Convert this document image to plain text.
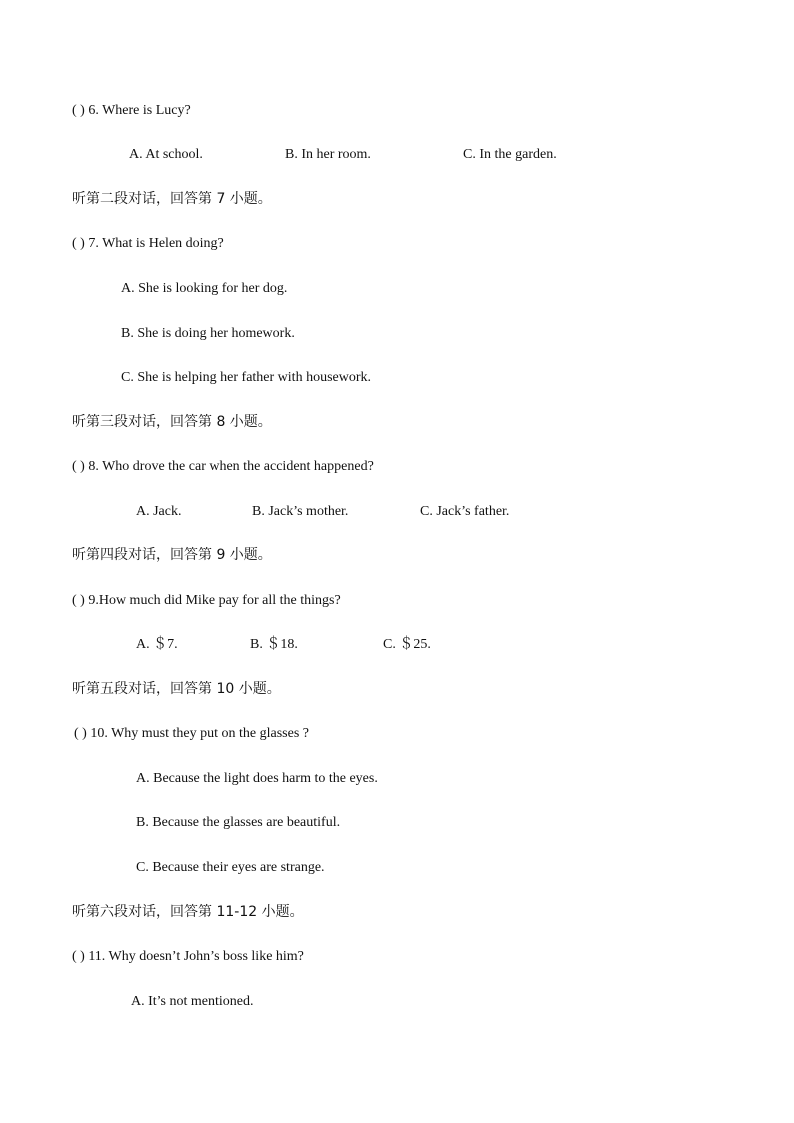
( ) 6. Where is Lucy?
A. At school.	B. In her room.	C. In the garden.
听第二段对话，回答第 7 小题。
( ) 7. What is Helen doing?
A. She is looking for her dog.
B. She is doing her homework.
C. She is helping her father with housework.
听第三段对话，回答第 8 小题。
( ) 8. Who drove the car when the accident happened?
A. Jack.	B. Jack’s mother.	C. Jack’s father.
听第四段对话，回答第 9 小题。
( ) 9.How much did Mike pay for all the things?
A. ＄7.	B. ＄18.	C. ＄25.
听第五段对话，回答第 10 小题。
( ) 10. Why must they put on the glasses ?
A. Because the light does harm to the eyes.
B. Because the glasses are beautiful.
C. Because their eyes are strange.
听第六段对话，回答第 11-12 小题。
( ) 11. Why doesn’t John’s boss like him?
A. It’s not mentioned.
